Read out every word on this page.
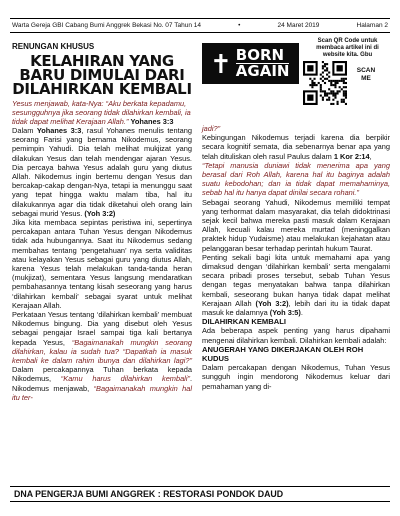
Warta Gereja GBI Cabang Bumi Anggrek Bekasi No. 07 Tahun 14	•	24 Maret 2019	Halaman 2
RENUNGAN KHUSUS
KELAHIRAN YANG
BARU DIMULAI DARI
DILAHIRKAN KEMBALI

Yesus menjawab, kata-Nya: “Aku berkata kepadamu, sesungguhnya jika seorang tidak dilahirkan kembali, ia tidak dapat melihat Kerajaan Allah.” Yohanes 3:3

Dalam Yohanes 3:3, rasul Yohanes menulis tentang seorang Farisi yang bernama Nikodemus, seorang pemimpin Yahudi. Dia telah melihat mukjizat yang dilakukan Yesus dan telah mendengar ajaran Yesus. Dia percaya bahwa Yesus adalah guru yang diutus Allah. Nikodemus ingin bertemu dengan Yesus dan bercakap-cakap dengan-Nya, tetapi ia menunggu saat yang tepat hingga waktu malam tiba, hal itu dilakukannya agar dia tidak diketahui oleh orang lain sebagai murid Yesus. (Yoh 3:2)

Jika kita membaca sepintas peristiwa ini, sepertinya percakapan antara Tuhan Yesus dengan Nikodemus tidak ada hubungannya. Saat itu Nikodemus sedang membahas tentang ‘pengetahuan’ nya serta validitas atau kelayakan Yesus sebagai guru yang diutus Allah, karena Yesus telah melakukan tanda-tanda heran (mukjizat), sementara Yesus langsung mendaratkan pembahasannya tentang kisah seseorang yang harus ‘dilahirkan kembali’ sebagai syarat untuk melihat Kerajaan Allah.

Perkataan Yesus tentang ‘dilahirkan kembali’ membuat Nikodemus bingung. Dia yang disebut oleh Yesus sebagai pengajar Israel sampai tiga kali bertanya kepada Yesus, “Bagaimanakah mungkin seorang dilahirkan, kalau ia sudah tua? “Dapatkah ia masuk kembali ke dalam rahim ibunya dan dilahirkan lagi?” Dalam percakapannya Tuhan berkata kepada Nikodemus, “Kamu harus dilahirkan kembali”. Nikodemus menjawab, “Bagaimanakah mungkin hal itu ter-

✝ BORN
AGAIN
Scan QR Code untuk membaca artikel ini di website kita. Gbu
SCAN
ME

jadi?”

Kebingungan Nikodemus terjadi karena dia berpikir secara kognitif semata, dia sebenarnya benar apa yang telah dituliskan oleh rasul Paulus dalam 1 Kor 2:14,

“Tetapi manusia duniawi tidak menerima apa yang berasal dari Roh Allah, karena hal itu baginya adalah suatu kebodohan; dan ia tidak dapat memahaminya, sebab hal itu hanya dapat dinilai secara rohani.”

Sebagai seorang Yahudi, Nikodemus memiliki tempat yang terhormat dalam masyarakat, dia telah didoktrinasi sejak kecil bahwa mereka pasti masuk dalam Kerajaan Allah, kecuali kalau mereka murtad (meninggalkan praktek hidup Yudaisme) atau melakukan kejahatan atau pelanggaran besar terhadap perintah hukum Taurat.

Penting sekali bagi kita untuk memahami apa yang dimaksud dengan ‘dilahirkan kembali’ serta mengalami secara pribadi proses tersebut, sebab Tuhan Yesus dengan tegas menyatakan bahwa tanpa dilahirkan kembali, seseorang bukan hanya tidak dapat melihat Kerajaan Allah (Yoh 3:2), lebih dari itu ia tidak dapat masuk ke dalamnya (Yoh 3:5).

DILAHIRKAN KEMBALI

Ada beberapa aspek penting yang harus dipahami mengenai dilahirkan kembali. Dilahirkan kembali adalah:

ANUGERAH YANG DIKERJAKAN OLEH ROH KUDUS

Dalam percakapan dengan Nikodemus, Tuhan Yesus sungguh ingin mendorong Nikodemus keluar dari pemahaman yang di-

DNA PENGERJA BUMI ANGGREK : RESTORASI PONDOK DAUD
